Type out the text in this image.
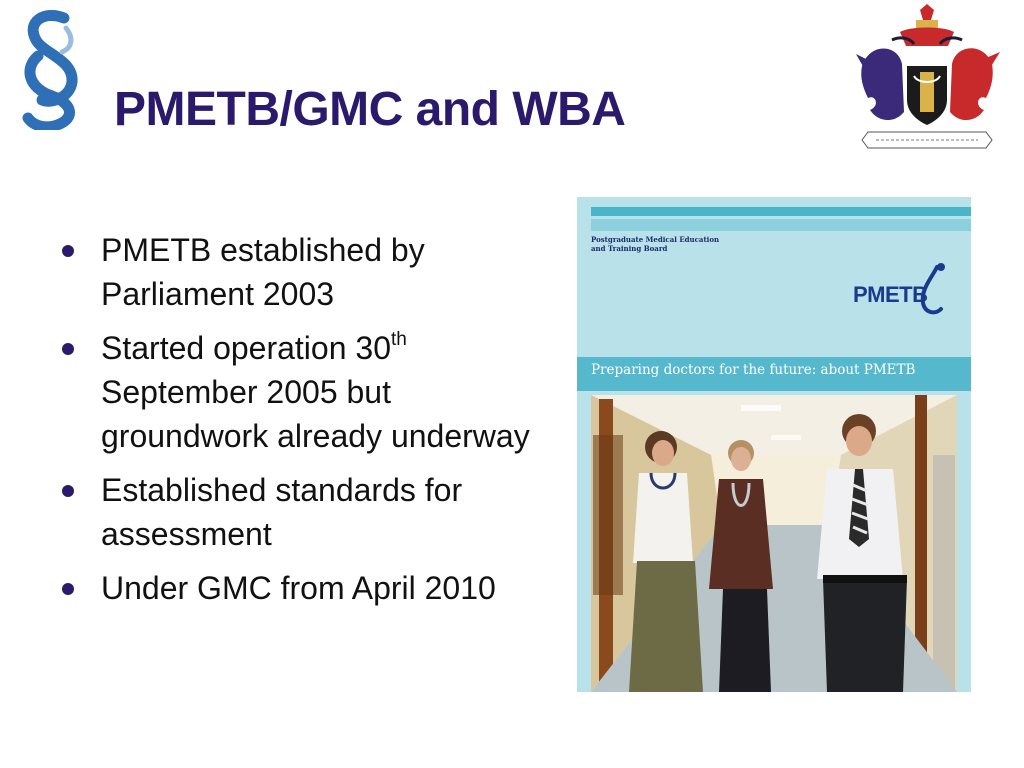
PMETB/GMC and WBA
PMETB established by Parliament 2003
Started operation 30th September 2005 but groundwork already underway
Established standards for assessment
Under GMC from April 2010
Postgraduate Medical Education
and Training Board
PMETB
Preparing doctors for the future: about PMETB
